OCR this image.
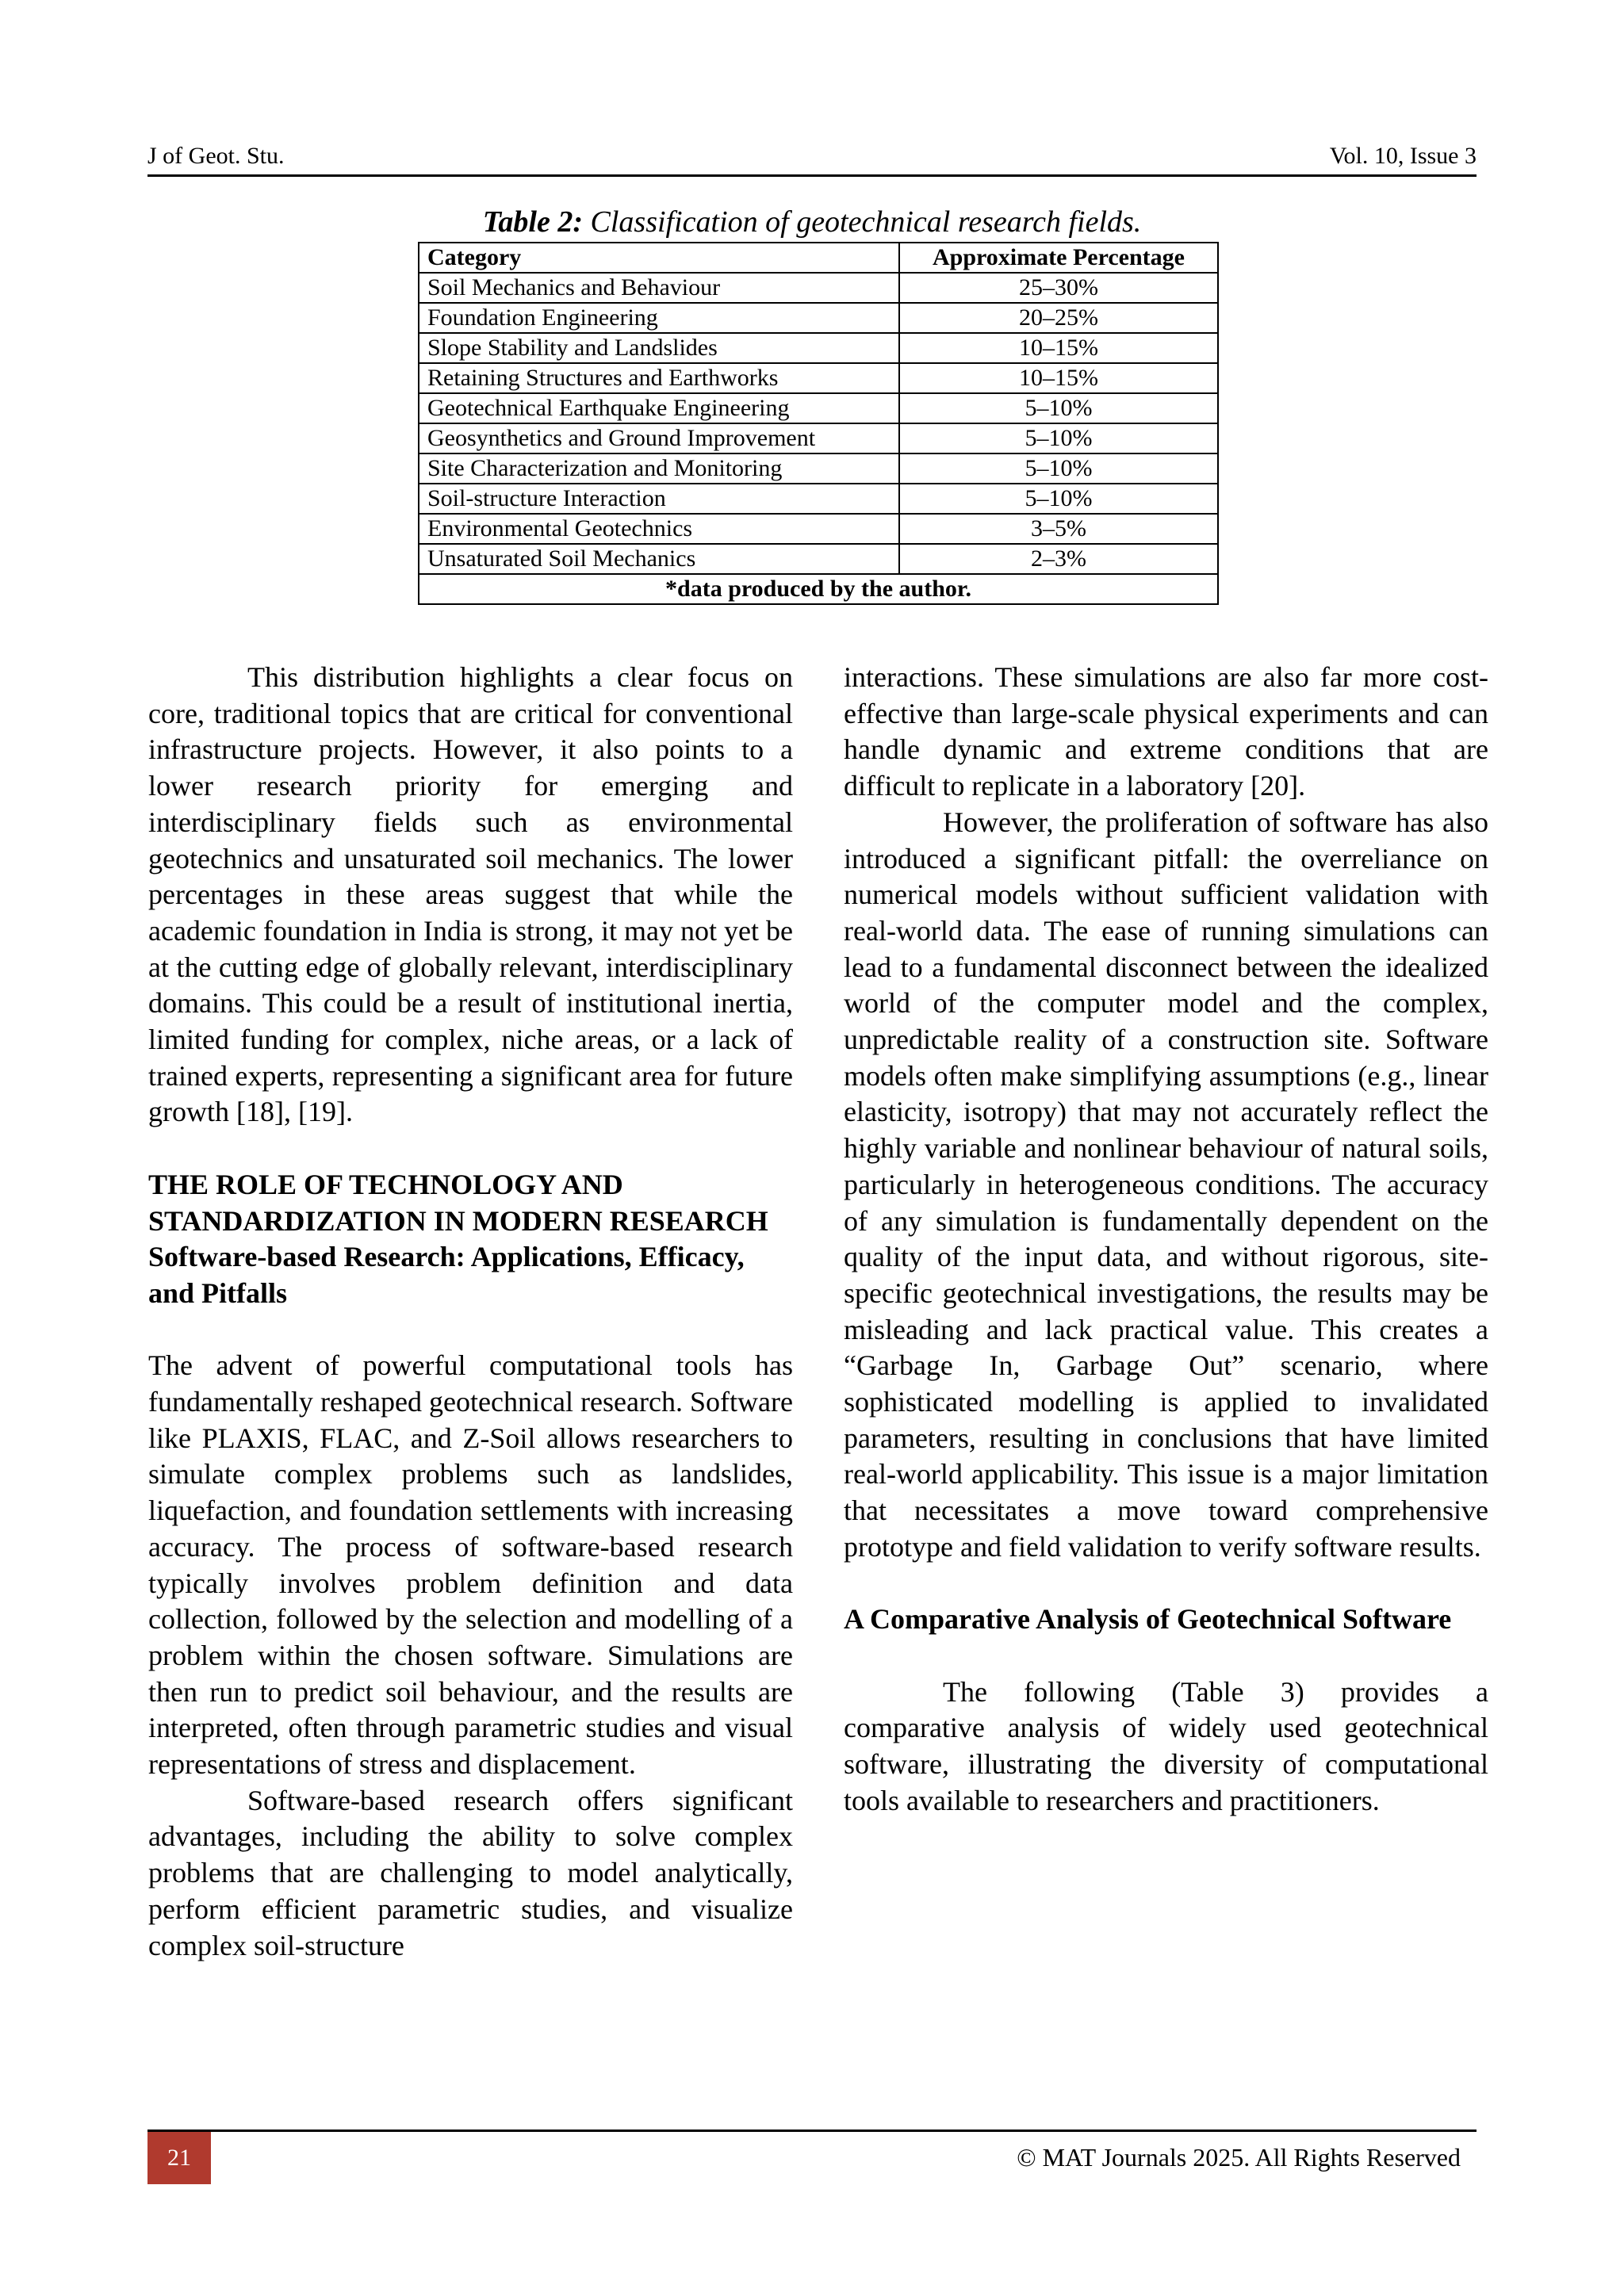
J of Geot. Stu.	Vol. 10, Issue 3
Table 2: Classification of geotechnical research fields.
Category	Approximate Percentage
Soil Mechanics and Behaviour	25–30%
Foundation Engineering	20–25%
Slope Stability and Landslides	10–15%
Retaining Structures and Earthworks	10–15%
Geotechnical Earthquake Engineering	5–10%
Geosynthetics and Ground Improvement	5–10%
Site Characterization and Monitoring	5–10%
Soil-structure Interaction	5–10%
Environmental Geotechnics	3–5%
Unsaturated Soil Mechanics	2–3%
*data produced by the author.	

This distribution highlights a clear focus on core, traditional topics that are critical for conventional infrastructure projects. However, it also points to a lower research priority for emerging and interdisciplinary fields such as environmental geotechnics and unsaturated soil mechanics. The lower percentages in these areas suggest that while the academic foundation in India is strong, it may not yet be at the cutting edge of globally relevant, interdisciplinary domains. This could be a result of institutional inertia, limited funding for complex, niche areas, or a lack of trained experts, representing a significant area for future growth [18], [19].

THE ROLE OF TECHNOLOGY AND STANDARDIZATION IN MODERN RESEARCH
Software-based Research: Applications, Efficacy, and Pitfalls

The advent of powerful computational tools has fundamentally reshaped geotechnical research. Software like PLAXIS, FLAC, and Z-Soil allows researchers to simulate complex problems such as landslides, liquefaction, and foundation settlements with increasing accuracy. The process of software-based research typically involves problem definition and data collection, followed by the selection and modelling of a problem within the chosen software. Simulations are then run to predict soil behaviour, and the results are interpreted, often through parametric studies and visual representations of stress and displacement.

Software-based research offers significant advantages, including the ability to solve complex problems that are challenging to model analytically, perform efficient parametric studies, and visualize complex soil-structure

interactions. These simulations are also far more cost-effective than large-scale physical experiments and can handle dynamic and extreme conditions that are difficult to replicate in a laboratory [20].

However, the proliferation of software has also introduced a significant pitfall: the overreliance on numerical models without sufficient validation with real-world data. The ease of running simulations can lead to a fundamental disconnect between the idealized world of the computer model and the complex, unpredictable reality of a construction site. Software models often make simplifying assumptions (e.g., linear elasticity, isotropy) that may not accurately reflect the highly variable and nonlinear behaviour of natural soils, particularly in heterogeneous conditions. The accuracy of any simulation is fundamentally dependent on the quality of the input data, and without rigorous, site-specific geotechnical investigations, the results may be misleading and lack practical value. This creates a “Garbage In, Garbage Out” scenario, where sophisticated modelling is applied to invalidated parameters, resulting in conclusions that have limited real-world applicability. This issue is a major limitation that necessitates a move toward comprehensive prototype and field validation to verify software results.

A Comparative Analysis of Geotechnical Software

The following (Table 3) provides a comparative analysis of widely used geotechnical software, illustrating the diversity of computational tools available to researchers and practitioners.

21	© MAT Journals 2025. All Rights Reserved
